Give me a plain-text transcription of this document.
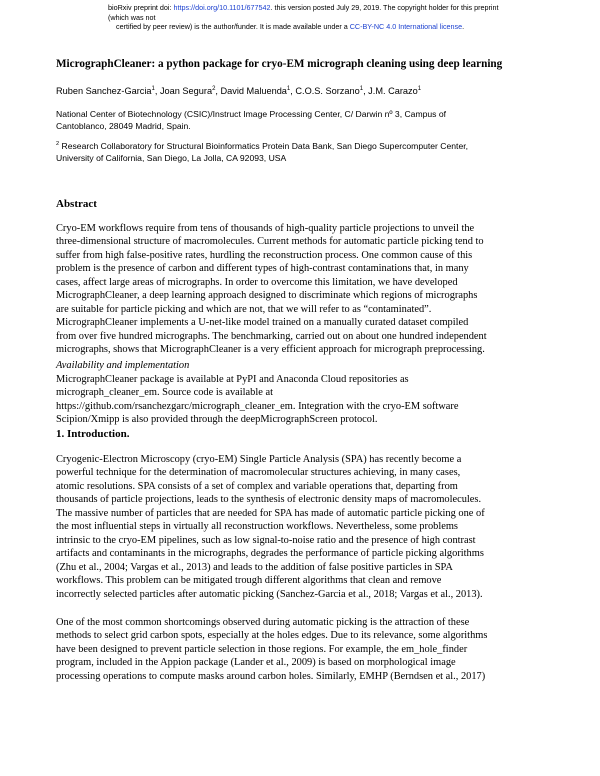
bioRxiv preprint doi: https://doi.org/10.1101/677542. this version posted July 29, 2019. The copyright holder for this preprint (which was not
certified by peer review) is the author/funder. It is made available under a CC-BY-NC 4.0 International license.
MicrographCleaner: a python package for cryo-EM micrograph cleaning using deep learning
Ruben Sanchez-Garcia$^1$, Joan Segura$^2$, David Maluenda$^1$, C.O.S. Sorzano$^1$, J.M. Carazo$^1$
National Center of Biotechnology (CSIC)/Instruct Image Processing Center, C/ Darwin nº 3, Campus of
Cantoblanco, 28049 Madrid, Spain.
$^2$ Research Collaboratory for Structural Bioinformatics Protein Data Bank, San Diego Supercomputer Center,
University of California, San Diego, La Jolla, CA 92093, USA
Abstract
Cryo-EM workflows require from tens of thousands of high-quality particle projections to unveil the
three-dimensional structure of macromolecules. Current methods for automatic particle picking tend to
suffer from high false-positive rates, hurdling the reconstruction process. One common cause of this
problem is the presence of carbon and different types of high-contrast contaminations that, in many
cases, affect large areas of micrographs. In order to overcome this limitation, we have developed
MicrographCleaner, a deep learning approach designed to discriminate which regions of micrographs
are suitable for particle picking and which are not, that we will refer to as “contaminated”.
MicrographCleaner implements a U-net-like model trained on a manually curated dataset compiled
from over five hundred micrographs. The benchmarking, carried out on about one hundred independent
micrographs, shows that MicrographCleaner is a very efficient approach for micrograph preprocessing.
Availability and implementation
MicrographCleaner package is available at PyPI and Anaconda Cloud repositories as
micrograph_cleaner_em. Source code is available at
https://github.com/rsanchezgarc/micrograph_cleaner_em. Integration with the cryo-EM software
Scipion/Xmipp is also provided through the deepMicrographScreen protocol.
1. Introduction.
Cryogenic-Electron Microscopy (cryo-EM) Single Particle Analysis (SPA) has recently become a
powerful technique for the determination of macromolecular structures achieving, in many cases,
atomic resolutions. SPA consists of a set of complex and variable operations that, departing from
thousands of particle projections, leads to the synthesis of electronic density maps of macromolecules.
The massive number of particles that are needed for SPA has made of automatic particle picking one of
the most influential steps in virtually all reconstruction workflows. Nevertheless, some problems
intrinsic to the cryo-EM pipelines, such as low signal-to-noise ratio and the presence of high contrast
artifacts and contaminants in the micrographs, degrades the performance of particle picking algorithms
(Zhu et al., 2004; Vargas et al., 2013) and leads to the addition of false positive particles in SPA
workflows. This problem can be mitigated trough different algorithms that clean and remove
incorrectly selected particles after automatic picking (Sanchez-Garcia et al., 2018; Vargas et al., 2013).
One of the most common shortcomings observed during automatic picking is the attraction of these
methods to select grid carbon spots, especially at the holes edges. Due to its relevance, some algorithms
have been designed to prevent particle selection in those regions. For example, the em_hole_finder
program, included in the Appion package (Lander et al., 2009) is based on morphological image
processing operations to compute masks around carbon holes. Similarly, EMHP (Berndsen et al., 2017)
